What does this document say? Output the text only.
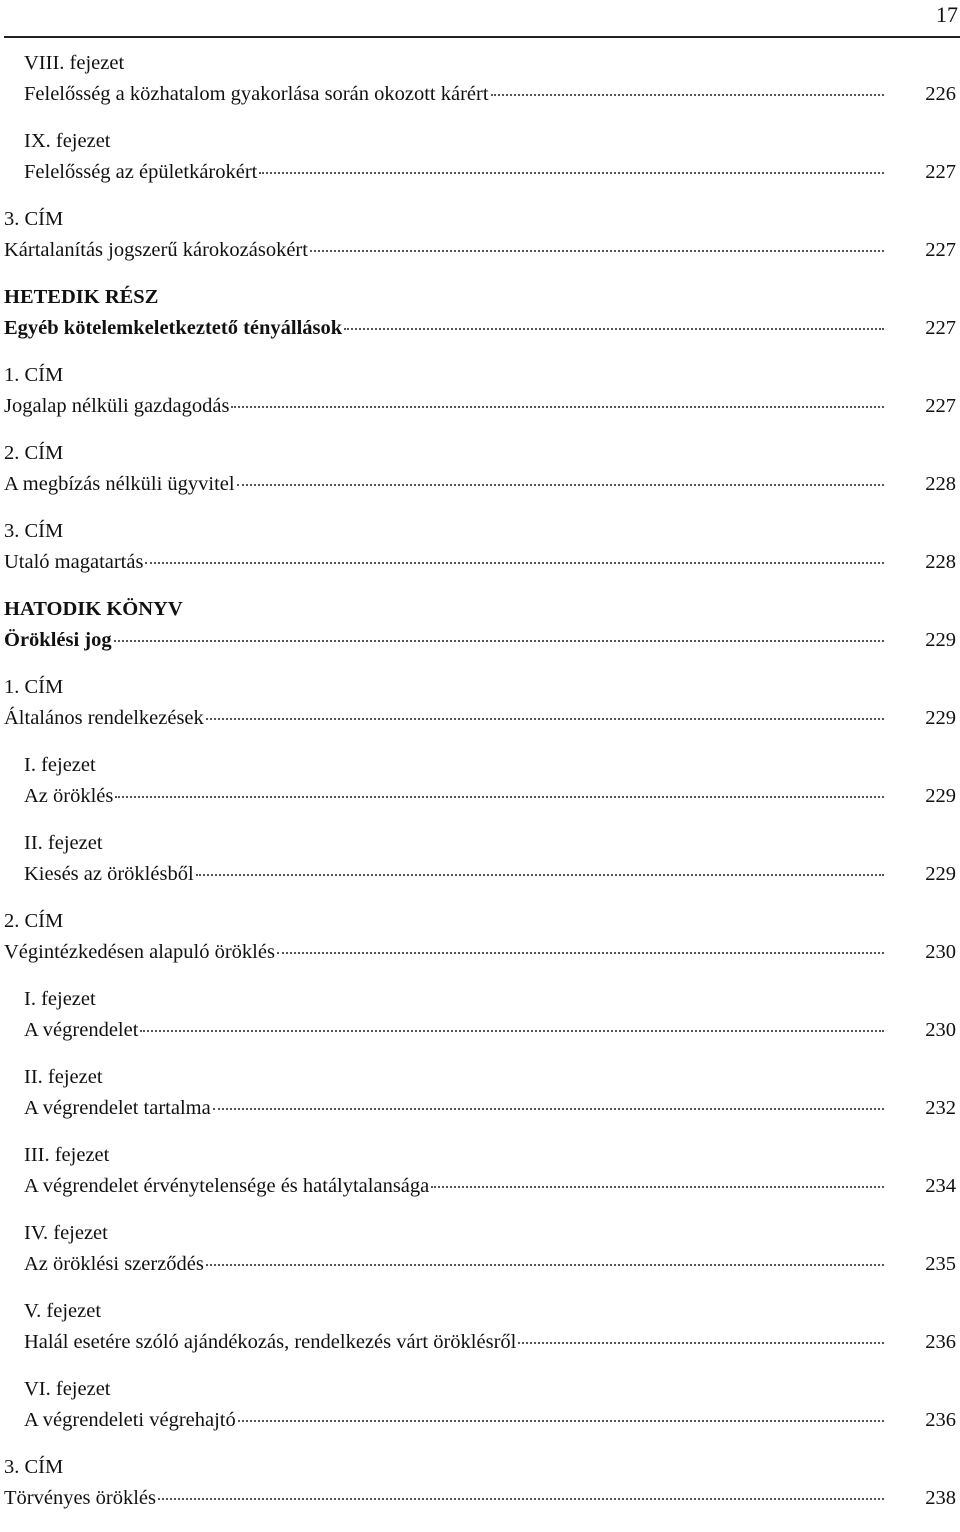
17
VIII. fejezet
Felelősség a közhatalom gyakorlása során okozott kárért	226
IX. fejezet
Felelősség az épületkárokért	227
3. CÍM
Kártalanítás jogszerű károkozásokért	227
HETEDIK RÉSZ
Egyéb kötelemkeletkeztető tényállások	227
1. CÍM
Jogalap nélküli gazdagodás	227
2. CÍM
A megbízás nélküli ügyvitel	228
3. CÍM
Utaló magatartás	228
HATODIK KÖNYV
Öröklési jog	229
1. CÍM
Általános rendelkezések	229
I. fejezet
Az öröklés	229
II. fejezet
Kiesés az öröklésből	229
2. CÍM
Végintézkedésen alapuló öröklés	230
I. fejezet
A végrendelet	230
II. fejezet
A végrendelet tartalma	232
III. fejezet
A végrendelet érvénytelensége és hatálytalansága	234
IV. fejezet
Az öröklési szerződés	235
V. fejezet
Halál esetére szóló ajándékozás, rendelkezés várt öröklésről	236
VI. fejezet
A végrendeleti végrehajtó	236
3. CÍM
Törvényes öröklés	238
